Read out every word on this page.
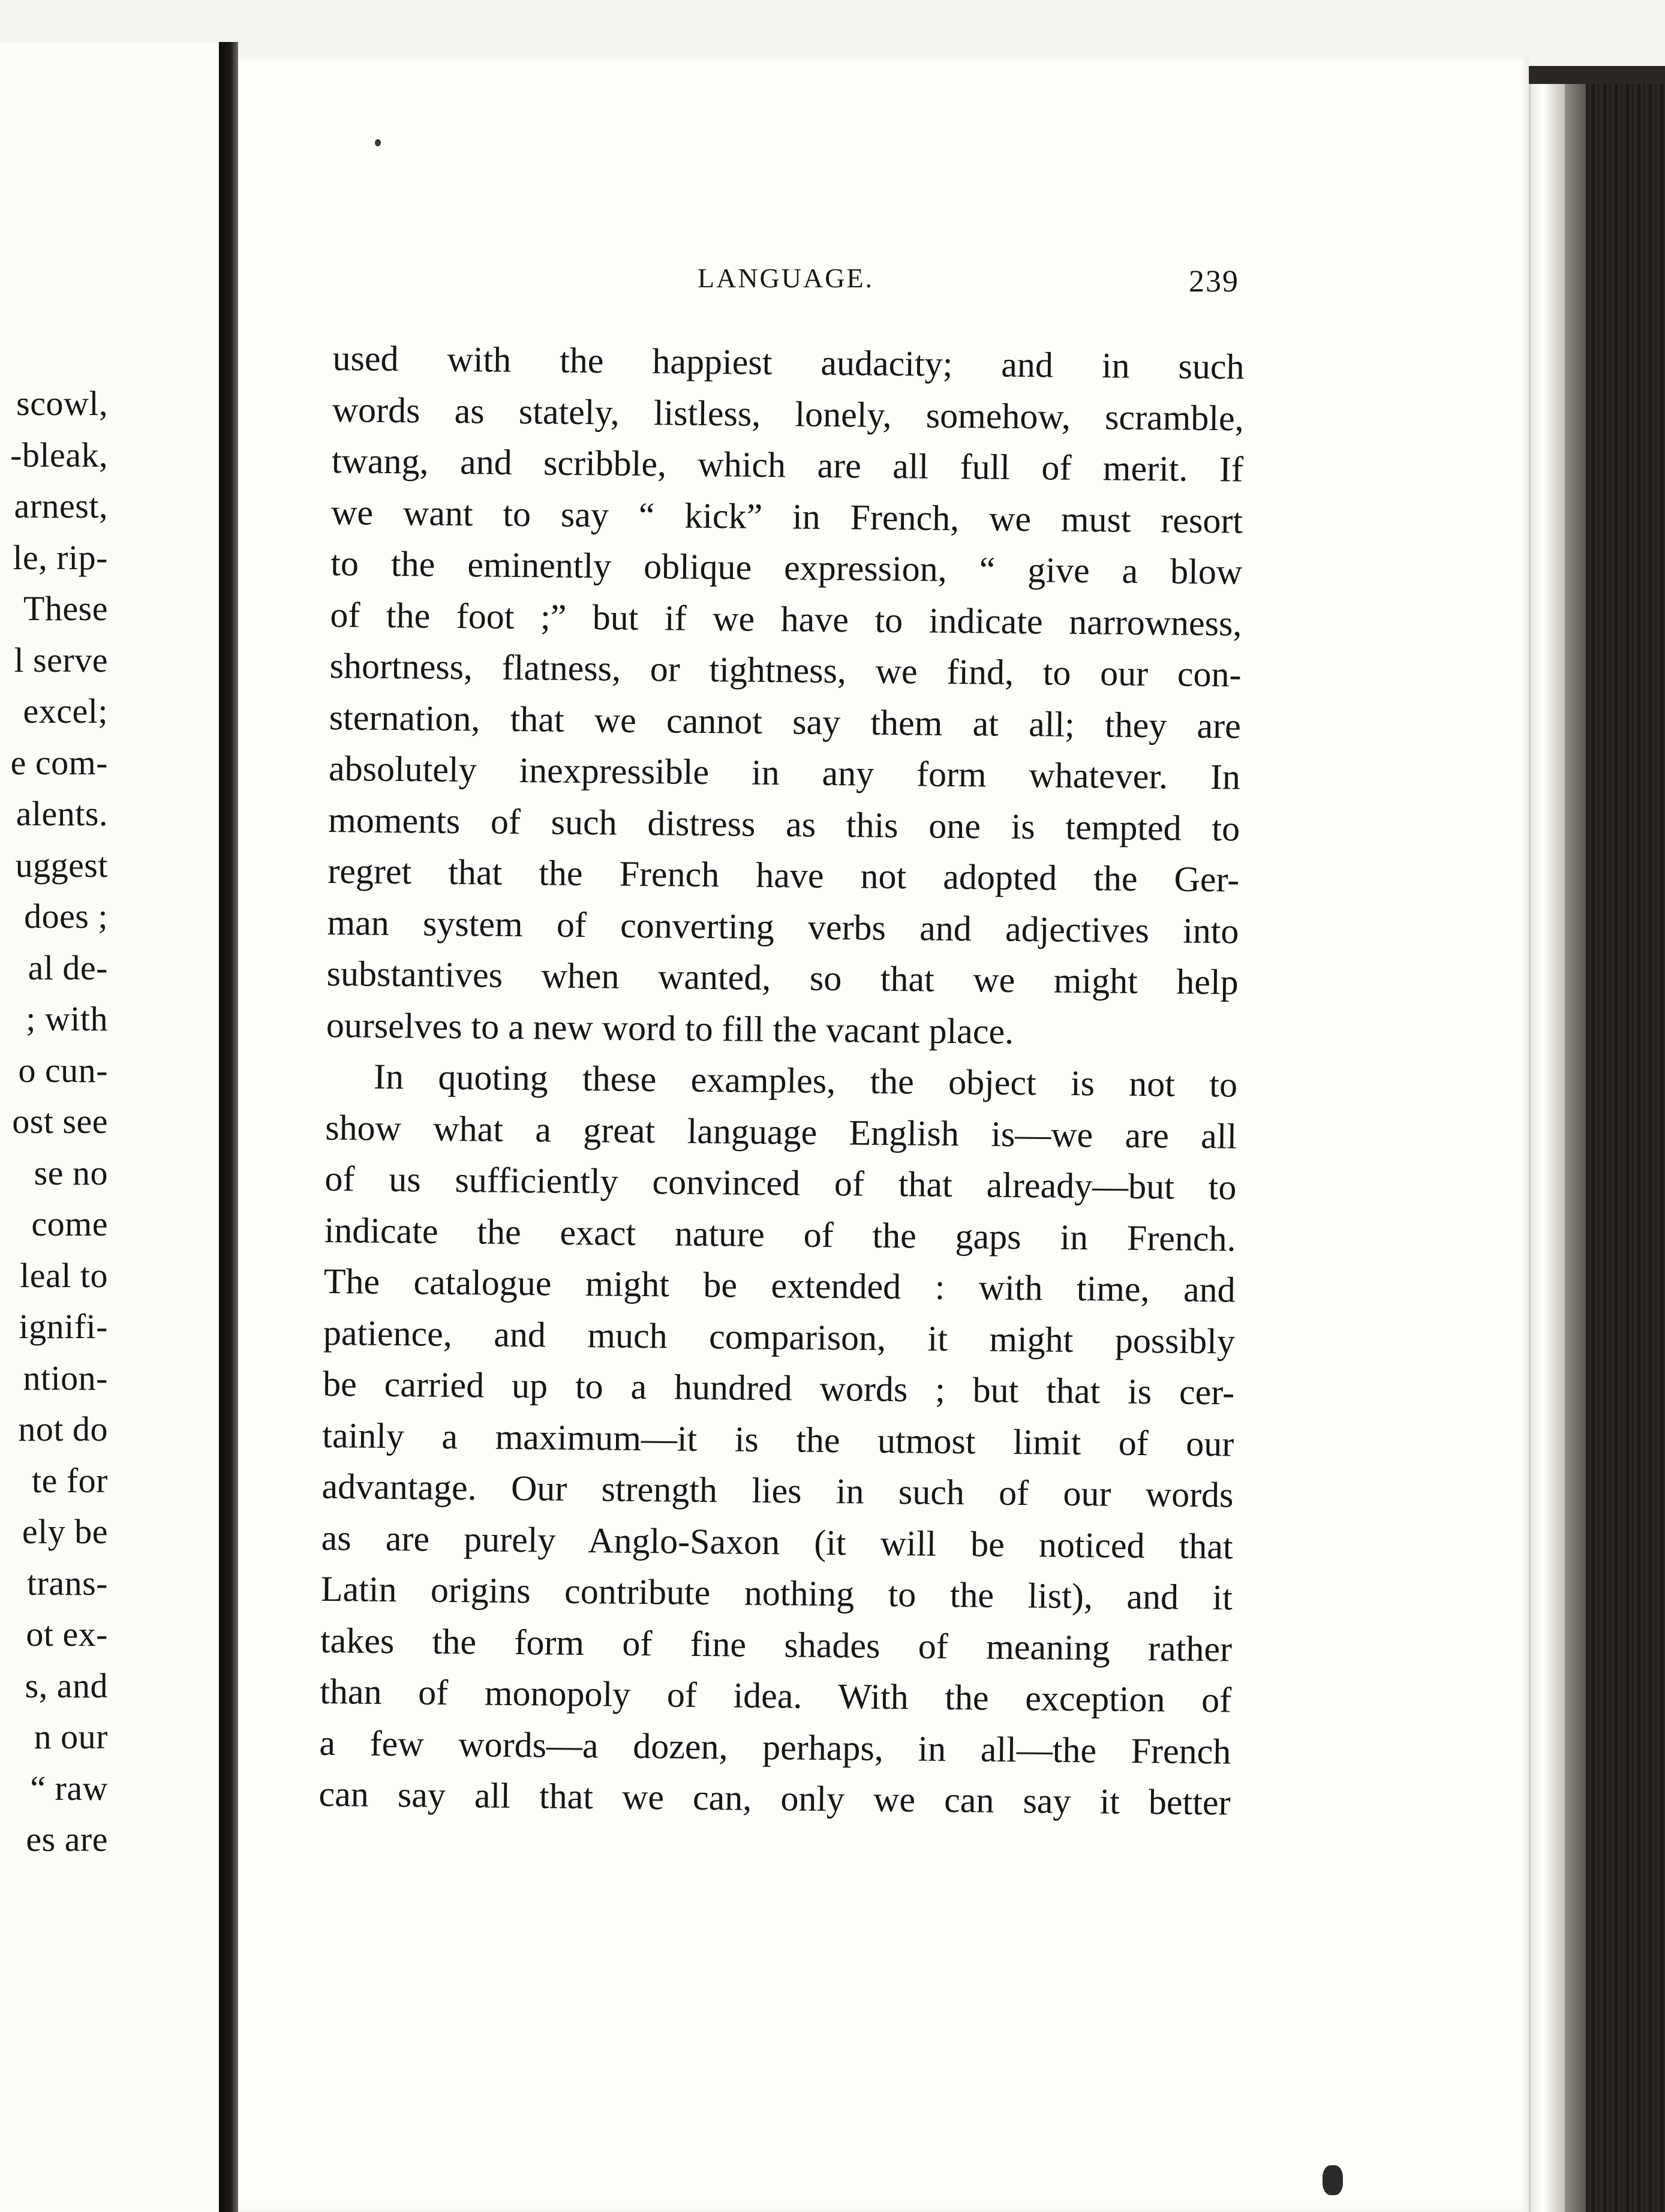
scowl,
-bleak,
arnest,
le, rip-
These
l serve
excel;
e com-
alents.
uggest
does ;
al de-
; with
o cun-
ost see
se no
come
leal to
ignifi-
ntion-
not do
te for
ely be
trans-
ot ex-
s, and
n our
“ raw
es are
LANGUAGE.	239
used with the happiest audacity; and in such
words as stately, listless, lonely, somehow, scramble,
twang, and scribble, which are all full of merit. If
we want to say “ kick” in French, we must resort
to the eminently oblique expression, “ give a blow
of the foot ;” but if we have to indicate narrowness,
shortness, flatness, or tightness, we find, to our con-
sternation, that we cannot say them at all; they are
absolutely inexpressible in any form whatever. In
moments of such distress as this one is tempted to
regret that the French have not adopted the Ger-
man system of converting verbs and adjectives into
substantives when wanted, so that we might help
ourselves to a new word to fill the vacant place.
In quoting these examples, the object is not to
show what a great language English is—we are all
of us sufficiently convinced of that already—but to
indicate the exact nature of the gaps in French.
The catalogue might be extended : with time, and
patience, and much comparison, it might possibly
be carried up to a hundred words ; but that is cer-
tainly a maximum—it is the utmost limit of our
advantage. Our strength lies in such of our words
as are purely Anglo-Saxon (it will be noticed that
Latin origins contribute nothing to the list), and it
takes the form of fine shades of meaning rather
than of monopoly of idea. With the exception of
a few words—a dozen, perhaps, in all—the French
can say all that we can, only we can say it better
